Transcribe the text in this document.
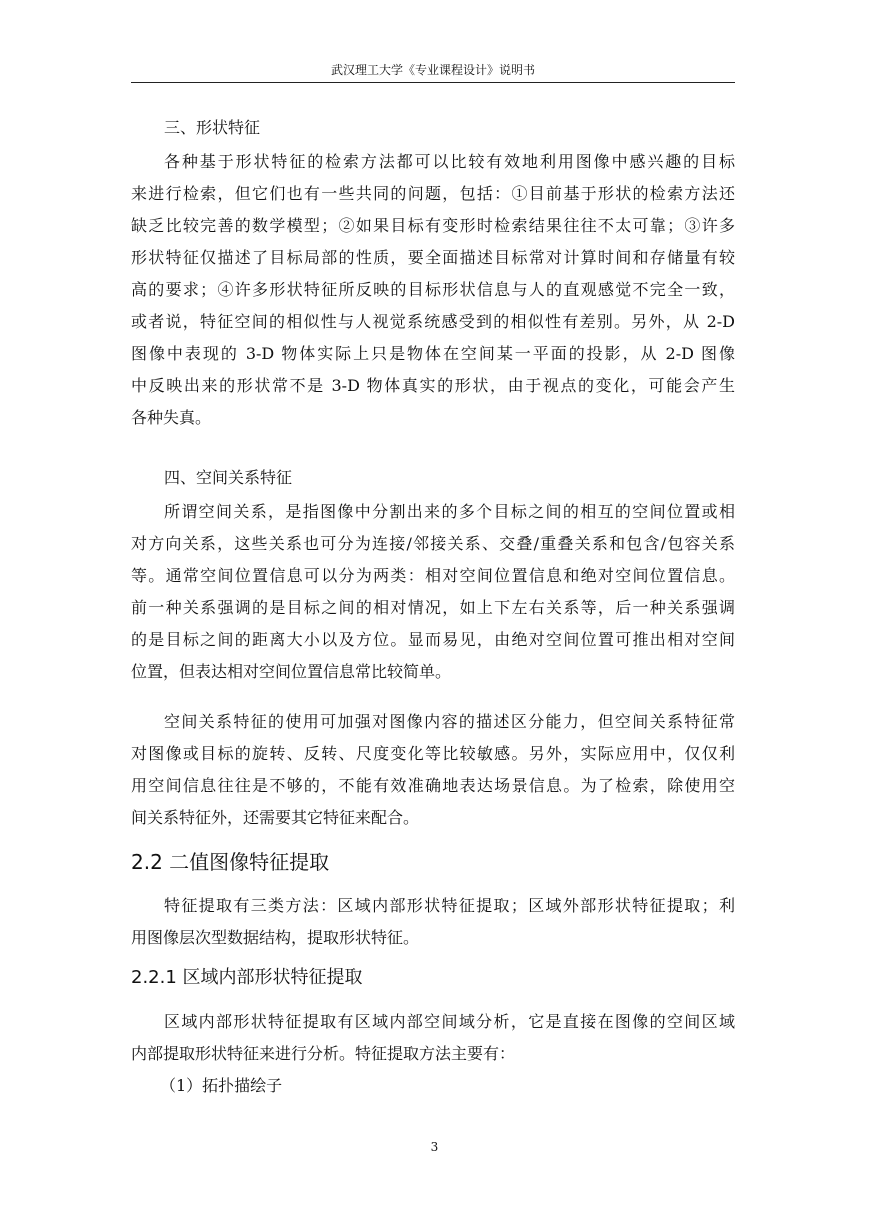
武汉理工大学《专业课程设计》说明书
三、形状特征
各种基于形状特征的检索方法都可以比较有效地利用图像中感兴趣的目标
来进行检索，但它们也有一些共同的问题，包括：①目前基于形状的检索方法还
缺乏比较完善的数学模型；②如果目标有变形时检索结果往往不太可靠；③许多
形状特征仅描述了目标局部的性质，要全面描述目标常对计算时间和存储量有较
高的要求；④许多形状特征所反映的目标形状信息与人的直观感觉不完全一致，
或者说，特征空间的相似性与人视觉系统感受到的相似性有差别。另外，从 2-D
图像中表现的 3-D 物体实际上只是物体在空间某一平面的投影，从 2-D 图像
中反映出来的形状常不是 3-D 物体真实的形状，由于视点的变化，可能会产生
各种失真。
四、空间关系特征
所谓空间关系，是指图像中分割出来的多个目标之间的相互的空间位置或相
对方向关系，这些关系也可分为连接/邻接关系、交叠/重叠关系和包含/包容关系
等。通常空间位置信息可以分为两类：相对空间位置信息和绝对空间位置信息。
前一种关系强调的是目标之间的相对情况，如上下左右关系等，后一种关系强调
的是目标之间的距离大小以及方位。显而易见，由绝对空间位置可推出相对空间
位置，但表达相对空间位置信息常比较简单。
空间关系特征的使用可加强对图像内容的描述区分能力，但空间关系特征常
对图像或目标的旋转、反转、尺度变化等比较敏感。另外，实际应用中，仅仅利
用空间信息往往是不够的，不能有效准确地表达场景信息。为了检索，除使用空
间关系特征外，还需要其它特征来配合。
2.2 二值图像特征提取
特征提取有三类方法：区域内部形状特征提取；区域外部形状特征提取；利
用图像层次型数据结构，提取形状特征。
2.2.1 区域内部形状特征提取
区域内部形状特征提取有区域内部空间域分析，它是直接在图像的空间区域
内部提取形状特征来进行分析。特征提取方法主要有：
（1）拓扑描绘子
3
